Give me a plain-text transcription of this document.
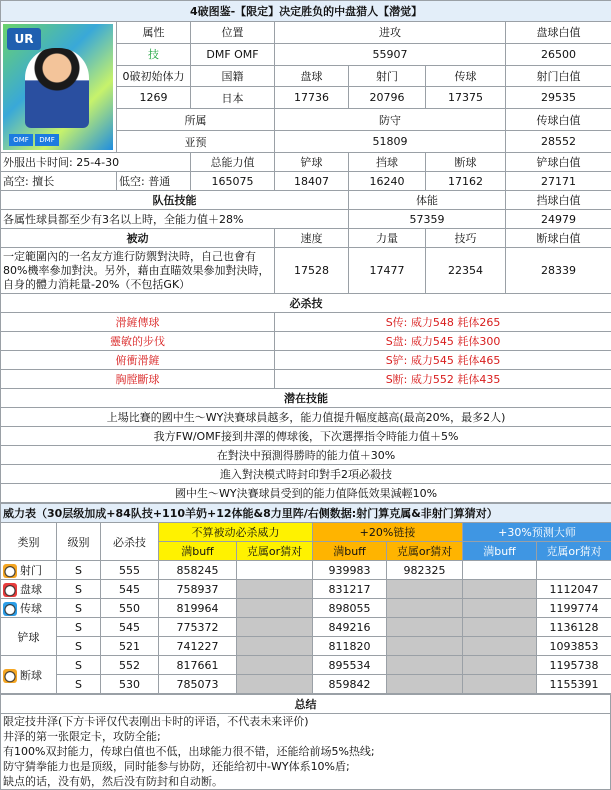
4破图鉴-【限定】决定胜负的中盘猎人【潜觉】						

UR
OMF DMF	属性	位置	进攻			盘球白值
	技	DMF OMF	55907			26500
	0破初始体力	国籍	盘球	射门	传球	射门白值
	1269	日本	17736	20796	17375	29535
	所属		防守			传球白值
	亚预		51809			28552
外服出卡时间: 25-4-30		总能力值	铲球	挡球	断球	铲球白值
高空: 擅长	低空: 普通	165075	18407	16240	17162	27171
队伍技能				体能		挡球白值
各属性球員都至少有3名以上時，全能力值＋28%				57359		24979
被动			速度	力量	技巧	断球白值
一定範圍內的一名友方進行防禦對決時，自己也會有80%機率參加對決。另外，藉由直瞄效果參加對決時，自身的體力消耗量-20%（不包括GK）			17528	17477	22354	28339
必杀技						
滑鏟傳球			S传: 威力548 耗体265			
靈敏的步伐			S盘: 威力545 耗体300			
俯衝滑鏟			S铲: 威力545 耗体465			
胸膛斷球			S断: 威力552 耗体435			
潜在技能						
上場比賽的國中生～WY決賽球員越多，能力值提升幅度越高(最高20%，最多2人)						
我方FW/OMF接到井澤的傳球後，下次選擇指令時能力值＋5%						
在對決中預測得勝時的能力值＋30%						
進入對決模式時封印對手2項必殺技						
國中生～WY決賽球員受到的能力值降低效果減輕10%						
威力表（30层级加成+84队技+110羊奶+12体能&8力里阵/右侧数据:射门算克属&非射门算猜对）								
类别	级别	必杀技	不算被动必杀威力		+20%链接		+30%预测大师	
			满buff	克属or猜对	满buff	克属or猜对	满buff	克属or猜对
射门	S	555	858245		939983	982325		
盘球	S	545	758937		831217			1112047
传球	S	550	819964		898055			1199774
铲球	S	545	775372		849216			1136128
	S	521	741227		811820			1093853
断球	S	552	817661		895534			1195738
	S	530	785073		859842			1155391
总结

限定技井泽(下方卡评仅代表刚出卡时的评语，不代表未来评价)
井泽的第一张限定卡，攻防全能;
有100%双封能力，传球白值也不低，出球能力很不错，还能给前场5%热线;
防守猜拳能力也是顶级，同时能参与协防，还能给初中-WY体系10%盾;
缺点的话，没有奶，然后没有防封和自动断。
